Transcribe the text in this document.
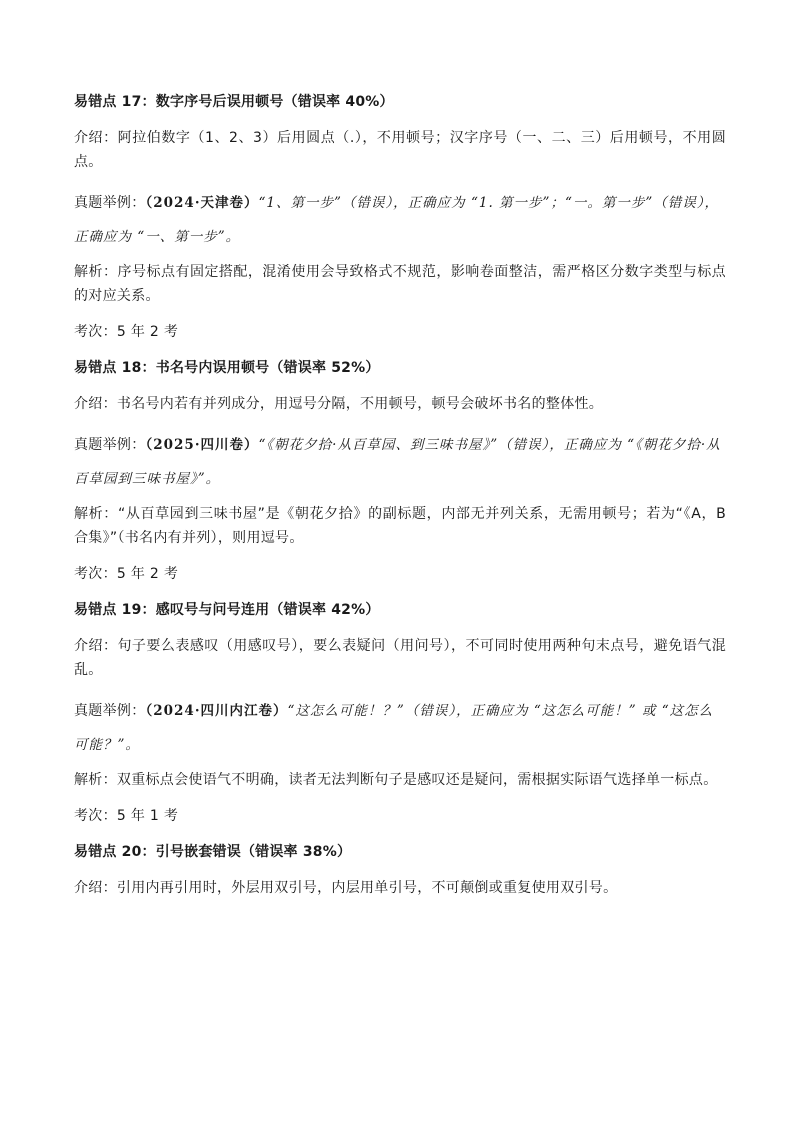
易错点 17：数字序号后误用顿号（错误率 40%）

介绍：阿拉伯数字（1、2、3）后用圆点（.），不用顿号；汉字序号（一、二、三）后用顿号，不用圆点。

真题举例：（2024·天津卷）“1、第一步”（错误），正确应为 “1. 第一步”；“一。第一步”（错误），正确应为 “一、第一步”。

解析：序号标点有固定搭配，混淆使用会导致格式不规范，影响卷面整洁，需严格区分数字类型与标点的对应关系。

考次：5 年 2 考

易错点 18：书名号内误用顿号（错误率 52%）

介绍：书名号内若有并列成分，用逗号分隔，不用顿号，顿号会破坏书名的整体性。

真题举例：（2025·四川卷）“《朝花夕拾·从百草园、到三味书屋》”（错误），正确应为 “《朝花夕拾·从百草园到三味书屋》”。

解析：“从百草园到三味书屋”是《朝花夕拾》的副标题，内部无并列关系，无需用顿号；若为“《A，B 合集》”（书名内有并列），则用逗号。

考次：5 年 2 考

易错点 19：感叹号与问号连用（错误率 42%）

介绍：句子要么表感叹（用感叹号），要么表疑问（用问号），不可同时使用两种句末点号，避免语气混乱。

真题举例：（2024·四川内江卷）“这怎么可能！？”（错误），正确应为 “这怎么可能！” 或 “这怎么可能？”。

解析：双重标点会使语气不明确，读者无法判断句子是感叹还是疑问，需根据实际语气选择单一标点。

考次：5 年 1 考

易错点 20：引号嵌套错误（错误率 38%）

介绍：引用内再引用时，外层用双引号，内层用单引号，不可颠倒或重复使用双引号。
